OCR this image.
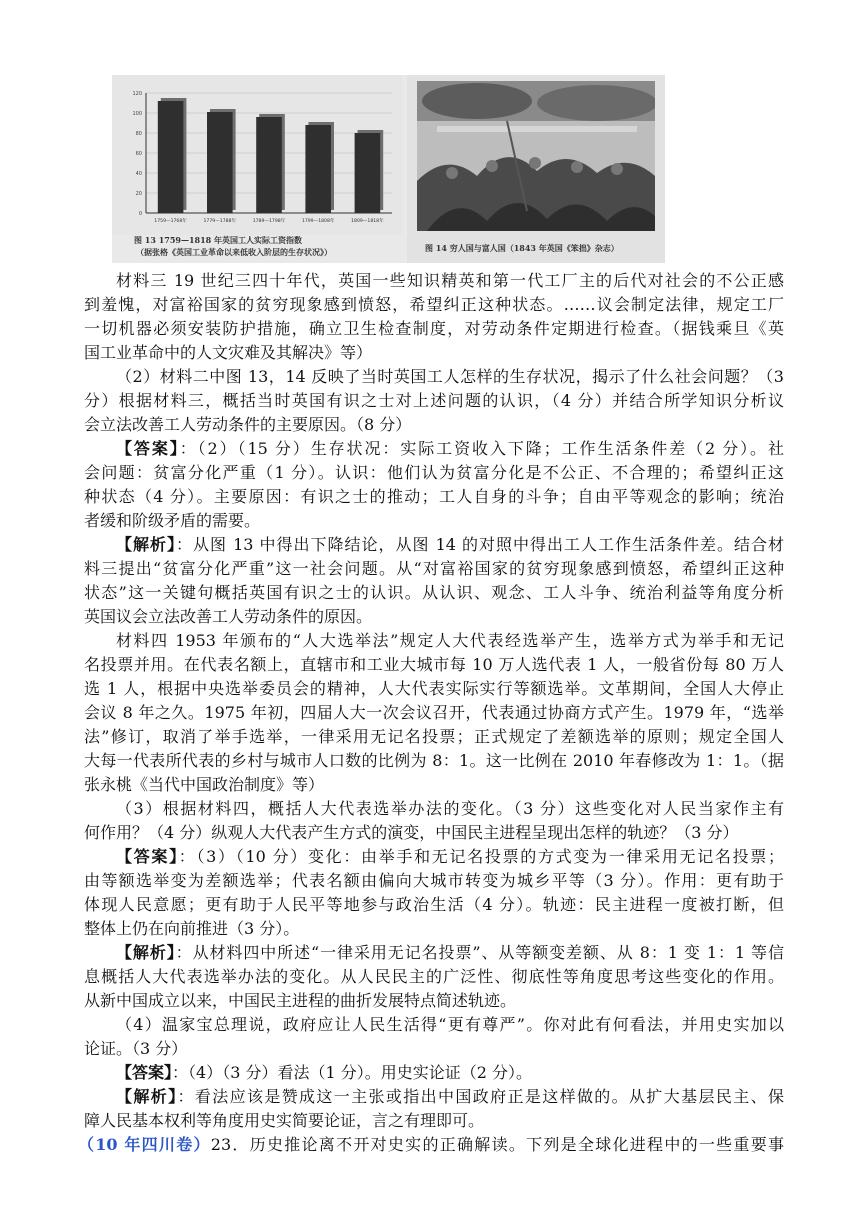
120
100
80
60
40
20
0
1759—1768年	1779—1788年	1789—1798年	1799—1808年	1809—1818年
图 13 1759—1818 年英国工人实际工资指数
（据张格《英国工业革命以来低收入阶层的生存状况》）	图 14 穷人国与富人国（1843 年英国《笨拙》杂志）
材料三 19 世纪三四十年代，英国一些知识精英和第一代工厂主的后代对社会的不公正感
到羞愧，对富裕国家的贫穷现象感到愤怒，希望纠正这种状态。……议会制定法律，规定工厂
一切机器必须安装防护措施，确立卫生检查制度，对劳动条件定期进行检查。（据钱乘旦《英
国工业革命中的人文灾难及其解决》等）
（2）材料二中图 13，14 反映了当时英国工人怎样的生存状况，揭示了什么社会问题？（3
分）根据材料三，概括当时英国有识之士对上述问题的认识，（4 分）并结合所学知识分析议
会立法改善工人劳动条件的主要原因。（8 分）
【答案】：（2）（15 分）生存状况：实际工资收入下降；工作生活条件差（2 分）。社
会问题：贫富分化严重（1 分）。认识：他们认为贫富分化是不公正、不合理的；希望纠正这
种状态（4 分）。主要原因：有识之士的推动；工人自身的斗争；自由平等观念的影响；统治
者缓和阶级矛盾的需要。
【解析】：从图 13 中得出下降结论，从图 14 的对照中得出工人工作生活条件差。结合材
料三提出“贫富分化严重”这一社会问题。从“对富裕国家的贫穷现象感到愤怒，希望纠正这种
状态”这一关键句概括英国有识之士的认识。从认识、观念、工人斗争、统治利益等角度分析
英国议会立法改善工人劳动条件的原因。
材料四 1953 年颁布的“人大选举法”规定人大代表经选举产生，选举方式为举手和无记
名投票并用。在代表名额上，直辖市和工业大城市每 10 万人选代表 1 人，一般省份每 80 万人
选 1 人，根据中央选举委员会的精神，人大代表实际实行等额选举。文革期间，全国人大停止
会议 8 年之久。1975 年初，四届人大一次会议召开，代表通过协商方式产生。1979 年，“选举
法”修订，取消了举手选举，一律采用无记名投票；正式规定了差额选举的原则；规定全国人
大每一代表所代表的乡村与城市人口数的比例为 8：1。这一比例在 2010 年春修改为 1：1。（据
张永桃《当代中国政治制度》等）
（3）根据材料四，概括人大代表选举办法的变化。（3 分）这些变化对人民当家作主有
何作用？（4 分）纵观人大代表产生方式的演变，中国民主进程呈现出怎样的轨迹？（3 分）
【答案】：（3）（10 分）变化：由举手和无记名投票的方式变为一律采用无记名投票；
由等额选举变为差额选举；代表名额由偏向大城市转变为城乡平等（3 分）。作用：更有助于
体现人民意愿；更有助于人民平等地参与政治生活（4 分）。轨迹：民主进程一度被打断，但
整体上仍在向前推进（3 分）。
【解析】：从材料四中所述“一律采用无记名投票”、从等额变差额、从 8：1 变 1：1 等信
息概括人大代表选举办法的变化。从人民民主的广泛性、彻底性等角度思考这些变化的作用。
从新中国成立以来，中国民主进程的曲折发展特点简述轨迹。
（4）温家宝总理说，政府应让人民生活得“更有尊严”。你对此有何看法，并用史实加以
论证。（3 分）
【答案】：（4）（3 分）看法（1 分）。用史实论证（2 分）。
【解析】：看法应该是赞成这一主张或指出中国政府正是这样做的。从扩大基层民主、保
障人民基本权利等角度用史实简要论证，言之有理即可。
（10 年四川卷）23．历史推论离不开对史实的正确解读。下列是全球化进程中的一些重要事
